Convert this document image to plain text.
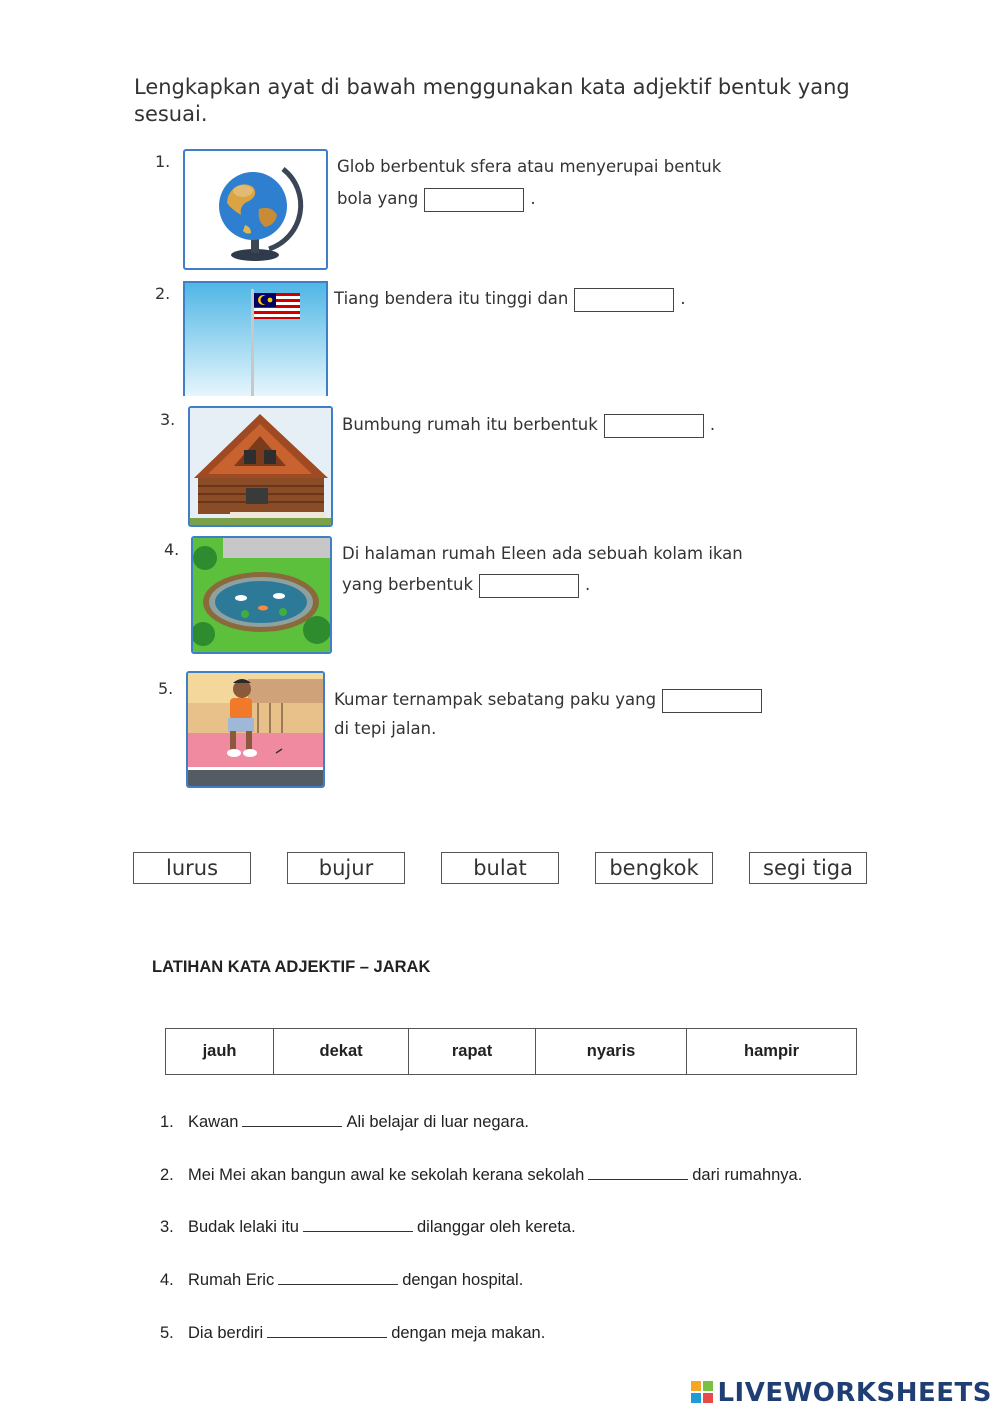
Lengkapkan ayat di bawah menggunakan kata adjektif bentuk yang sesuai.
1.	Glob berbentuk sfera atau menyerupai bentuk
bola yang	.
2.	Tiang bendera itu tinggi dan	.
3.	Bumbung rumah itu berbentuk	.
4.	Di halaman rumah Eleen ada sebuah kolam ikan
yang berbentuk	.
5.
Kumar ternampak sebatang paku yang
di tepi jalan.
lurus	bujur	bulat	bengkok	segi tiga
LATIHAN KATA ADJEKTIF – JARAK
jauh	dekat	rapat	nyaris	hampir
1. Kawan	Ali belajar di luar negara.
2. Mei Mei akan bangun awal ke sekolah kerana sekolah	dari rumahnya.
3. Budak lelaki itu	dilanggar oleh kereta.
4. Rumah Eric	dengan hospital.
5. Dia berdiri	dengan meja makan.
LIVEWORKSHEETS
